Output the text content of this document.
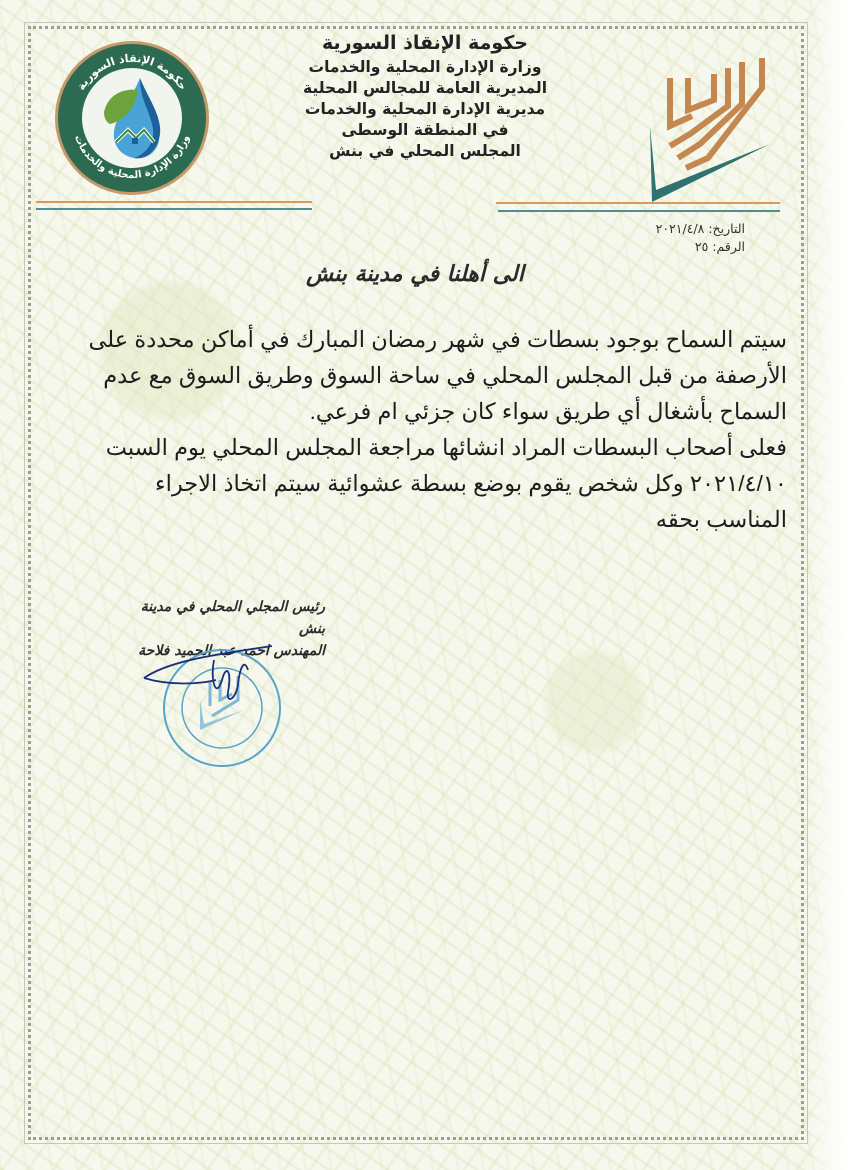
حكومة الإنقاذ السورية
وزارة الإدارة المحلية والخدمات
حكومة الإنقاذ السورية
وزارة الإدارة المحلية والخدمات
المديرية العامة للمجالس المحلية
مديرية الإدارة المحلية والخدمات
في المنطقة الوسطى
المجلس المحلي في بنش
التاريخ: ٢٠٢١/٤/٨
الرقم: ٢٥
الى أهلنا في مدينة بنش

سيتم السماح بوجود بسطات في شهر رمضان المبارك في أماكن محددة على الأرصفة من قبل المجلس المحلي في ساحة السوق وطريق السوق مع عدم السماح بأشغال أي طريق سواء كان جزئي ام فرعي.

فعلى أصحاب البسطات المراد انشائها مراجعة المجلس المحلي يوم السبت ٢٠٢١/٤/١٠ وكل شخص يقوم بوضع بسطة عشوائية سيتم اتخاذ الاجراء المناسب بحقه

رئيس المجلي المحلي في مدينة بنش
المهندس احمد عبد الحميد فلاحة
